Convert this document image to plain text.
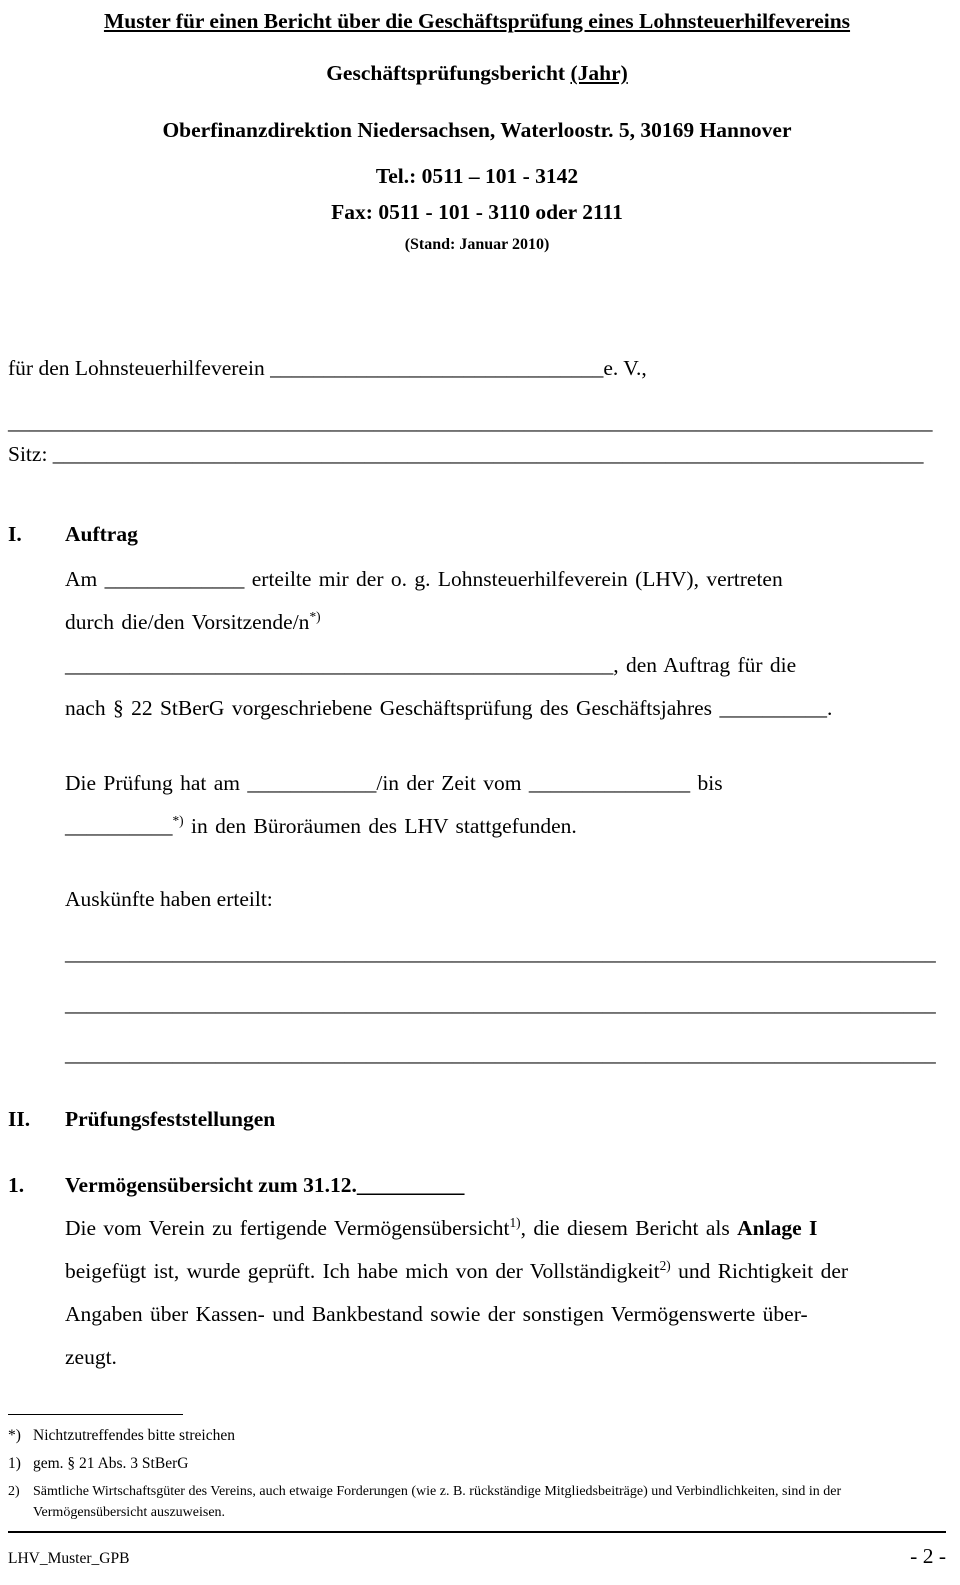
Muster für einen Bericht über die Geschäftsprüfung eines Lohnsteuerhilfevereins
Geschäftsprüfungsbericht (Jahr)
Oberfinanzdirektion Niedersachsen, Waterloostr. 5, 30169 Hannover
Tel.: 0511 – 101 - 3142
Fax: 0511 - 101 - 3110 oder 2111
(Stand: Januar 2010)
für den Lohnsteuerhilfeverein _______________________________e. V.,
______________________________________________________________________________________
Sitz: _________________________________________________________________________________
I.	Auftrag
Am _____________ erteilte mir der o. g. Lohnsteuerhilfeverein (LHV), vertreten
durch die/den Vorsitzende/n*)
___________________________________________________, den Auftrag für die
nach § 22 StBerG vorgeschriebene Geschäftsprüfung des Geschäftsjahres __________.
Die Prüfung hat am ____________/in der Zeit vom _______________ bis
__________*) in den Büroräumen des LHV stattgefunden.
Auskünfte haben erteilt:
_________________________________________________________________________________
_________________________________________________________________________________
_________________________________________________________________________________
II.	Prüfungsfeststellungen
1.	Vermögensübersicht zum 31.12.__________
Die vom Verein zu fertigende Vermögensübersicht$^{1)}$, die diesem Bericht als Anlage I
beigefügt ist, wurde geprüft. Ich habe mich von der Vollständigkeit$^{2)}$ und Richtigkeit der
Angaben über Kassen- und Bankbestand sowie der sonstigen Vermögenswerte über-
zeugt.
*) Nichtzutreffendes bitte streichen
1) gem. § 21 Abs. 3 StBerG
2) Sämtliche Wirtschaftsgüter des Vereins, auch etwaige Forderungen (wie z. B. rückständige Mitgliedsbeiträge) und Verbindlichkeiten, sind in der Vermögensübersicht auszuweisen.
LHV_Muster_GPB	- 2 -
